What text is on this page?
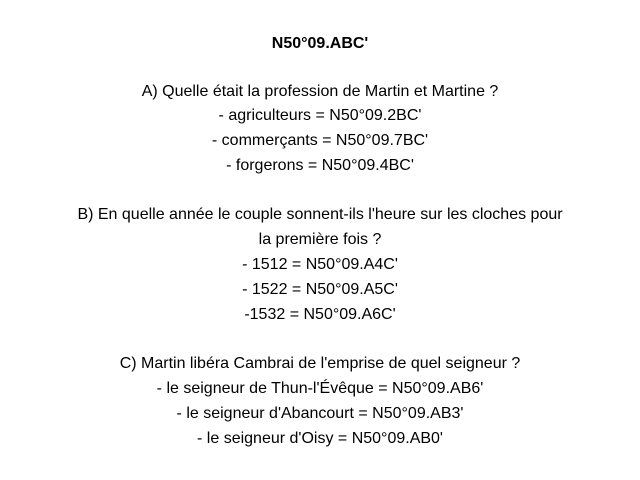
N50°09.ABC'
A) Quelle était la profession de Martin et Martine ?
- agriculteurs = N50°09.2BC'
- commerçants = N50°09.7BC'
- forgerons = N50°09.4BC'
B) En quelle année le couple sonnent-ils l'heure sur les cloches pour
la première fois ?
- 1512 = N50°09.A4C'
- 1522 = N50°09.A5C'
-1532 = N50°09.A6C'
C) Martin libéra Cambrai de l'emprise de quel seigneur ?
- le seigneur de Thun-l'Évêque = N50°09.AB6'
- le seigneur d'Abancourt = N50°09.AB3'
- le seigneur d'Oisy = N50°09.AB0'
